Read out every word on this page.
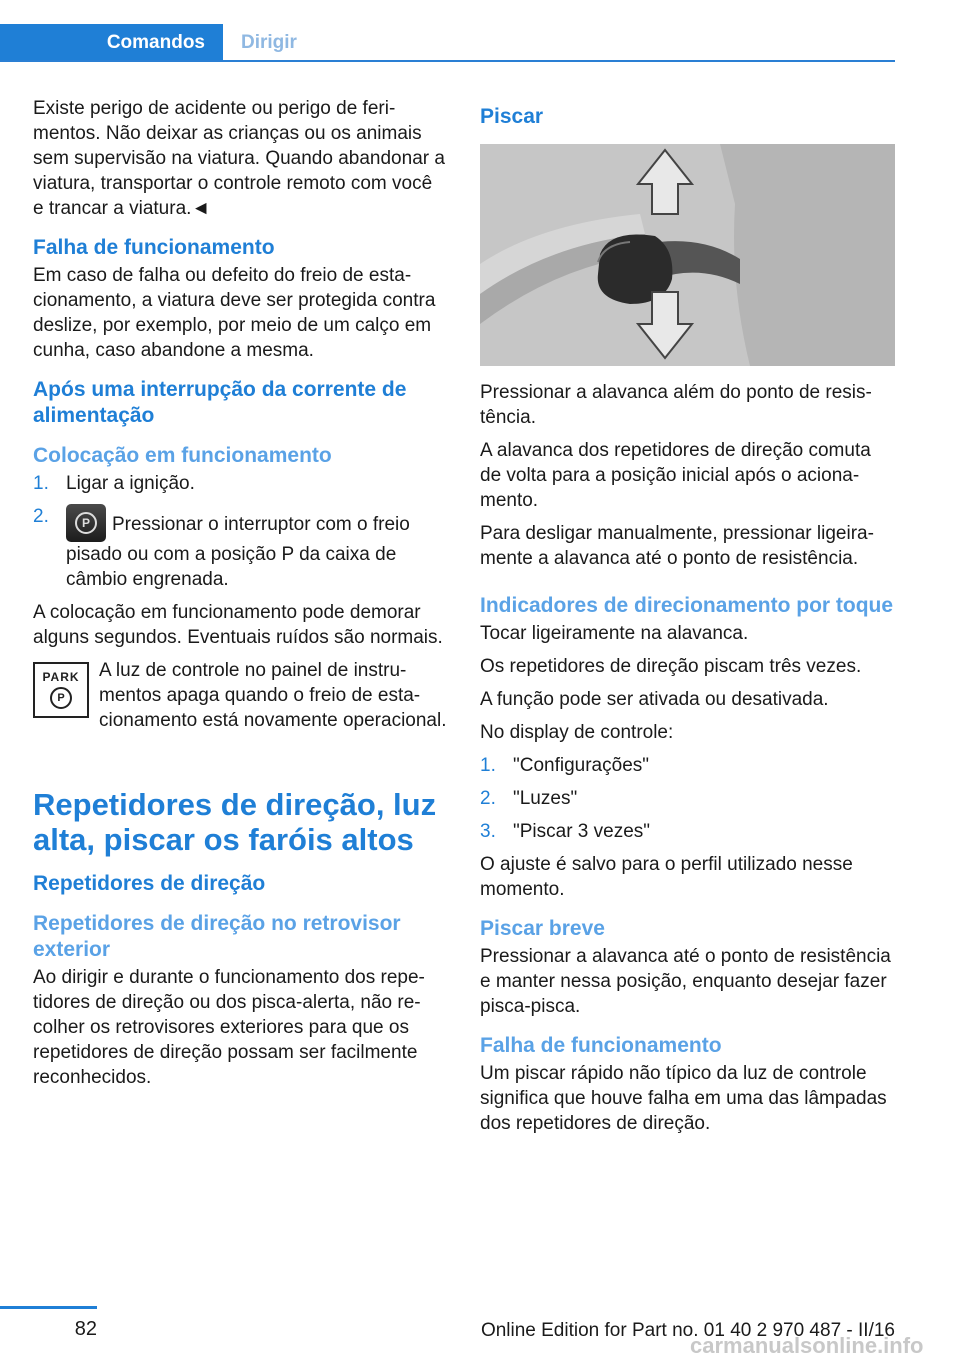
Comandos	Dirigir

Existe perigo de acidente ou perigo de ferimentos. Não deixar as crianças ou os animais sem supervisão na viatura. Quando abandonar a viatura, transportar o controle remoto com você e trancar a viatura.◄

Falha de funcionamento

Em caso de falha ou defeito do freio de estacionamento, a viatura deve ser protegida contra deslize, por exemplo, por meio de um calço em cunha, caso abandone a mesma.

Após uma interrupção da corrente de alimentação
Colocação em funcionamento
1. Ligar a ignição.
2.	P	Pressionar o interruptor com o freio pisado ou com a posição P da caixa de câmbio engrenada.

A colocação em funcionamento pode demorar alguns segundos. Eventuais ruídos são normais.

PARK
P

A luz de controle no painel de instrumentos apaga quando o freio de estacionamento está novamente operacional.

Repetidores de direção, luz alta, piscar os faróis altos
Repetidores de direção
Repetidores de direção no retrovisor exterior

Ao dirigir e durante o funcionamento dos repetidores de direção ou dos pisca-alerta, não recolher os retrovisores exteriores para que os repetidores de direção possam ser facilmente reconhecidos.

Piscar

Pressionar a alavanca além do ponto de resistência.

A alavanca dos repetidores de direção comuta de volta para a posição inicial após o acionamento.

Para desligar manualmente, pressionar ligeiramente a alavanca até o ponto de resistência.

Indicadores de direcionamento por toque

Tocar ligeiramente na alavanca.

Os repetidores de direção piscam três vezes.

A função pode ser ativada ou desativada.

No display de controle:

1. "Configurações"
2. "Luzes"
3. "Piscar 3 vezes"

O ajuste é salvo para o perfil utilizado nesse momento.

Piscar breve

Pressionar a alavanca até o ponto de resistência e manter nessa posição, enquanto desejar fazer pisca-pisca.

Falha de funcionamento

Um piscar rápido não típico da luz de controle significa que houve falha em uma das lâmpadas dos repetidores de direção.

82	Online Edition for Part no. 01 40 2 970 487 - II/16
carmanualsonline.info
